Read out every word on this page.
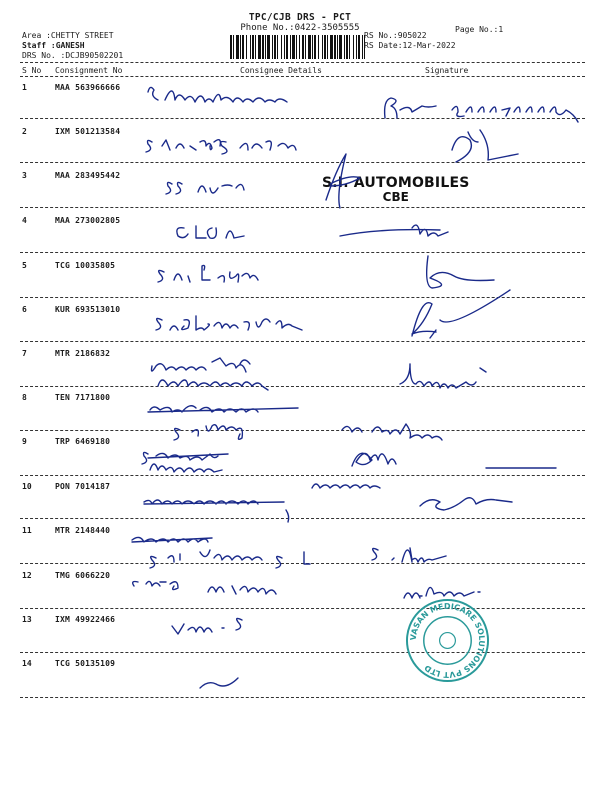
TPC/CJB DRS - PCT
Phone No.:0422-3505555	Page No.:1
Area :CHETTY STREET
Staff :GANESH
DRS No. :DCJB90502201
RS No.:905022
RS Date:12-Mar-2022
S No Consignment No	Consignee Details	Signature
1	MAA 563966666
2	IXM 501213584
3	MAA 283495442
4	MAA 273002805
5	TCG 10035805
6	KUR 693513010
7	MTR 2186832
8	TEN 7171800
9	TRP 6469180
10	PON 7014187
11	MTR 2148440
12	TMG 6066220
13	IXM 49922466
14	TCG 50135109
S.I. AUTOMOBILES
CBE
VASAN MEDICARE SOLUTIONS PVT LTD
